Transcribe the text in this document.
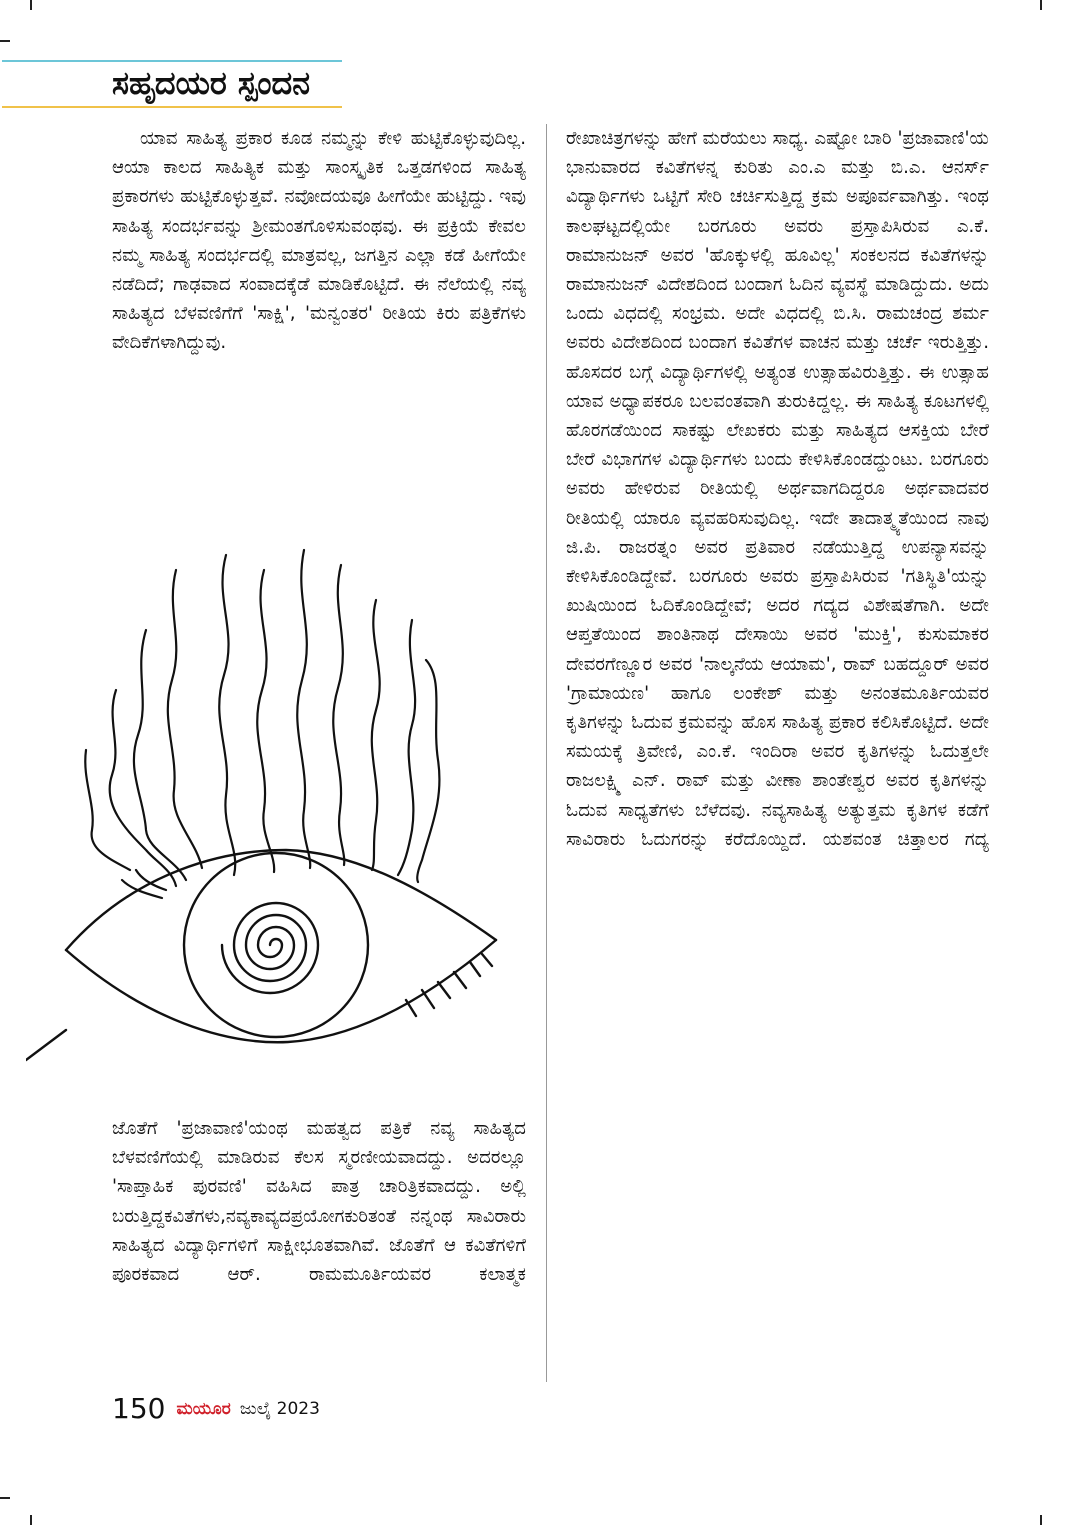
ಸಹೃದಯರ ಸ್ಪಂದನ

ಯಾವ ಸಾಹಿತ್ಯ ಪ್ರಕಾರ ಕೂಡ ನಮ್ಮನ್ನು ಕೇಳಿ ಹುಟ್ಟಿಕೊಳ್ಳುವುದಿಲ್ಲ. ಆಯಾ ಕಾಲದ ಸಾಹಿತ್ಯಿಕ ಮತ್ತು ಸಾಂಸ್ಕೃತಿಕ ಒತ್ತಡಗಳಿಂದ ಸಾಹಿತ್ಯ ಪ್ರಕಾರಗಳು ಹುಟ್ಟಿಕೊಳ್ಳುತ್ತವೆ. ನವೋದಯವೂ ಹೀಗೆಯೇ ಹುಟ್ಟಿದ್ದು. ಇವು ಸಾಹಿತ್ಯ ಸಂದರ್ಭವನ್ನು ಶ್ರೀಮಂತಗೊಳಿಸುವಂಥವು. ಈ ಪ್ರಕ್ರಿಯೆ ಕೇವಲ ನಮ್ಮ ಸಾಹಿತ್ಯ ಸಂದರ್ಭದಲ್ಲಿ ಮಾತ್ರವಲ್ಲ, ಜಗತ್ತಿನ ಎಲ್ಲಾ ಕಡೆ ಹೀಗೆಯೇ ನಡೆದಿದೆ; ಗಾಢವಾದ ಸಂವಾದಕ್ಕೆಡೆ ಮಾಡಿಕೊಟ್ಟಿದೆ. ಈ ನೆಲೆಯಲ್ಲಿ ನವ್ಯ ಸಾಹಿತ್ಯದ ಬೆಳವಣಿಗೆಗೆ 'ಸಾಕ್ಷಿ', 'ಮನ್ವಂತರ' ರೀತಿಯ ಕಿರು ಪತ್ರಿಕೆಗಳು ವೇದಿಕೆಗಳಾಗಿದ್ದುವು.

ಜೊತೆಗೆ 'ಪ್ರಜಾವಾಣಿ'ಯಂಥ ಮಹತ್ವದ ಪತ್ರಿಕೆ ನವ್ಯ ಸಾಹಿತ್ಯದ ಬೆಳವಣಿಗೆಯಲ್ಲಿ ಮಾಡಿರುವ ಕೆಲಸ ಸ್ಮರಣೀಯವಾದದ್ದು. ಅದರಲ್ಲೂ 'ಸಾಪ್ತಾಹಿಕ ಪುರವಣಿ' ವಹಿಸಿದ ಪಾತ್ರ ಚಾರಿತ್ರಿಕವಾದದ್ದು. ಅಲ್ಲಿ ಬರುತ್ತಿದ್ದಕವಿತೆಗಳು,ನವ್ಯಕಾವ್ಯದಪ್ರಯೋಗಕುರಿತಂತೆ ನನ್ನಂಥ ಸಾವಿರಾರು ಸಾಹಿತ್ಯದ ವಿದ್ಯಾರ್ಥಿಗಳಿಗೆ ಸಾಕ್ಷೀಭೂತವಾಗಿವೆ. ಜೊತೆಗೆ ಆ ಕವಿತೆಗಳಿಗೆ ಪೂರಕವಾದ ಆರ್. ರಾಮಮೂರ್ತಿಯವರ ಕಲಾತ್ಮಕ

ರೇಖಾಚಿತ್ರಗಳನ್ನು ಹೇಗೆ ಮರೆಯಲು ಸಾಧ್ಯ. ಎಷ್ಟೋ ಬಾರಿ 'ಪ್ರಜಾವಾಣಿ'ಯ ಭಾನುವಾರದ ಕವಿತೆಗಳನ್ನ ಕುರಿತು ಎಂ.ಎ ಮತ್ತು ಬಿ.ಎ. ಆನರ್ಸ್ ವಿದ್ಯಾರ್ಥಿಗಳು ಒಟ್ಟಿಗೆ ಸೇರಿ ಚರ್ಚಿಸುತ್ತಿದ್ದ ಕ್ರಮ ಅಪೂರ್ವವಾಗಿತ್ತು. ಇಂಥ ಕಾಲಘಟ್ಟದಲ್ಲಿಯೇ ಬರಗೂರು ಅವರು ಪ್ರಸ್ತಾಪಿಸಿರುವ ಎ.ಕೆ. ರಾಮಾನುಜನ್ ಅವರ 'ಹೊಕ್ಕುಳಲ್ಲಿ ಹೂವಿಲ್ಲ' ಸಂಕಲನದ ಕವಿತೆಗಳನ್ನು ರಾಮಾನುಜನ್ ವಿದೇಶದಿಂದ ಬಂದಾಗ ಓದಿನ ವ್ಯವಸ್ಥೆ ಮಾಡಿದ್ದುದು. ಅದು ಒಂದು ವಿಧದಲ್ಲಿ ಸಂಭ್ರಮ. ಅದೇ ವಿಧದಲ್ಲಿ ಬಿ.ಸಿ. ರಾಮಚಂದ್ರ ಶರ್ಮ ಅವರು ವಿದೇಶದಿಂದ ಬಂದಾಗ ಕವಿತೆಗಳ ವಾಚನ ಮತ್ತು ಚರ್ಚೆ ಇರುತ್ತಿತ್ತು. ಹೊಸದರ ಬಗ್ಗೆ ವಿದ್ಯಾರ್ಥಿಗಳಲ್ಲಿ ಅತ್ಯಂತ ಉತ್ಸಾಹವಿರುತ್ತಿತ್ತು. ಈ ಉತ್ಸಾಹ ಯಾವ ಅಧ್ಯಾಪಕರೂ ಬಲವಂತವಾಗಿ ತುರುಕಿದ್ದಲ್ಲ. ಈ ಸಾಹಿತ್ಯ ಕೂಟಗಳಲ್ಲಿ ಹೊರಗಡೆಯಿಂದ ಸಾಕಷ್ಟು ಲೇಖಕರು ಮತ್ತು ಸಾಹಿತ್ಯದ ಆಸಕ್ತಿಯ ಬೇರೆ ಬೇರೆ ವಿಭಾಗಗಳ ವಿದ್ಯಾರ್ಥಿಗಳು ಬಂದು ಕೇಳಿಸಿಕೊಂಡದ್ದುಂಟು. ಬರಗೂರು ಅವರು ಹೇಳಿರುವ ರೀತಿಯಲ್ಲಿ ಅರ್ಥವಾಗದಿದ್ದರೂ ಅರ್ಥವಾದವರ ರೀತಿಯಲ್ಲಿ ಯಾರೂ ವ್ಯವಹರಿಸುವುದಿಲ್ಲ. ಇದೇ ತಾದಾತ್ಮ್ಯತೆಯಿಂದ ನಾವು ಜಿ.ಪಿ. ರಾಜರತ್ನಂ ಅವರ ಪ್ರತಿವಾರ ನಡೆಯುತ್ತಿದ್ದ ಉಪನ್ಯಾಸವನ್ನು ಕೇಳಿಸಿಕೊಂಡಿದ್ದೇವೆ. ಬರಗೂರು ಅವರು ಪ್ರಸ್ತಾಪಿಸಿರುವ 'ಗತಿಸ್ಥಿತಿ'ಯನ್ನು ಖುಷಿಯಿಂದ ಓದಿಕೊಂಡಿದ್ದೇವೆ; ಅದರ ಗದ್ಯದ ವಿಶೇಷತೆಗಾಗಿ. ಅದೇ ಆಪ್ತತೆಯಿಂದ ಶಾಂತಿನಾಥ ದೇಸಾಯಿ ಅವರ 'ಮುಕ್ತಿ', ಕುಸುಮಾಕರ ದೇವರಗೆಣ್ಣೂರ ಅವರ 'ನಾಲ್ಕನೆಯ ಆಯಾಮ', ರಾವ್ ಬಹದ್ದೂರ್ ಅವರ 'ಗ್ರಾಮಾಯಣ' ಹಾಗೂ ಲಂಕೇಶ್ ಮತ್ತು ಅನಂತಮೂರ್ತಿಯವರ ಕೃತಿಗಳನ್ನು ಓದುವ ಕ್ರಮವನ್ನು ಹೊಸ ಸಾಹಿತ್ಯ ಪ್ರಕಾರ ಕಲಿಸಿಕೊಟ್ಟಿದೆ. ಅದೇ ಸಮಯಕ್ಕೆ ತ್ರಿವೇಣಿ, ಎಂ.ಕೆ. ಇಂದಿರಾ ಅವರ ಕೃತಿಗಳನ್ನು ಓದುತ್ತಲೇ ರಾಜಲಕ್ಷ್ಮಿ ಎನ್. ರಾವ್ ಮತ್ತು ವೀಣಾ ಶಾಂತೇಶ್ವರ ಅವರ ಕೃತಿಗಳನ್ನು ಓದುವ ಸಾಧ್ಯತೆಗಳು ಬೆಳೆದವು. ನವ್ಯಸಾಹಿತ್ಯ ಅತ್ಯುತ್ತಮ ಕೃತಿಗಳ ಕಡೆಗೆ ಸಾವಿರಾರು ಓದುಗರನ್ನು ಕರೆದೊಯ್ದಿದೆ. ಯಶವಂತ ಚಿತ್ತಾಲರ ಗದ್ಯ

150 ಮಯೂರ ಜುಲೈ 2023
